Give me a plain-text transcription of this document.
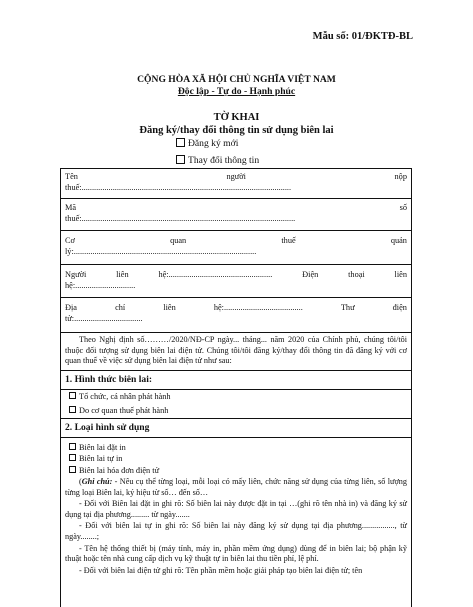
Mẫu số: 01/ĐKTĐ-BL
CỘNG HÒA XÃ HỘI CHỦ NGHĨA VIỆT NAM
Độc lập - Tự do - Hạnh phúc
TỜ KHAI
Đăng ký/thay đổi thông tin sử dụng biên lai
Đăng ký mới
Thay đổi thông tin
Tên	người	nộp
thuế:.....................................................................................................
Mã	số
thuế:.......................................................................................................
Cơ	quan	thuế	quản
lý:........................................................................................
Người	liên	hệ:..................................................	Điện	thoại	liên
hệ:.............................
Địa	chỉ	liên	hệ:......................................	Thư	điện
tử:.................................
Theo Nghị định số………/2020/NĐ-CP ngày... tháng... năm 2020 của Chính phủ, chúng tôi/tôi thuộc đối tượng sử dụng biên lai điện tử. Chúng tôi/tôi đăng ký/thay đổi thông tin đã đăng ký với cơ quan thuế về việc sử dụng biên lai điện tử như sau:
1. Hình thức biên lai:
Tổ chức, cá nhân phát hành
Do cơ quan thuế phát hành
2. Loại hình sử dụng
Biên lai đặt in
Biên lai tự in
Biên lai hóa đơn điện tử
(Ghi chú: - Nêu cụ thể từng loại, mỗi loại có mấy liên, chức năng sử dụng của từng liên, số lượng từng loại Biên lai, ký hiệu từ số… đến số…
- Đối với Biên lai đặt in ghi rõ: Số biên lai này được đặt in tại …(ghi rõ tên nhà in) và đăng ký sử dụng tại địa phương......... từ ngày.......
- Đối với biên lai tự in ghi rõ: Số biên lai này đăng ký sử dụng tại địa phương................, từ ngày........;
- Tên hệ thống thiết bị (máy tính, máy in, phần mềm ứng dụng) dùng để in biên lai; bộ phận kỹ thuật hoặc tên nhà cung cấp dịch vụ kỹ thuật tự in biên lai thu tiền phí, lệ phí.
- Đối với biên lai điện tử ghi rõ: Tên phần mềm hoặc giải pháp tạo biên lai điện tử; tên
